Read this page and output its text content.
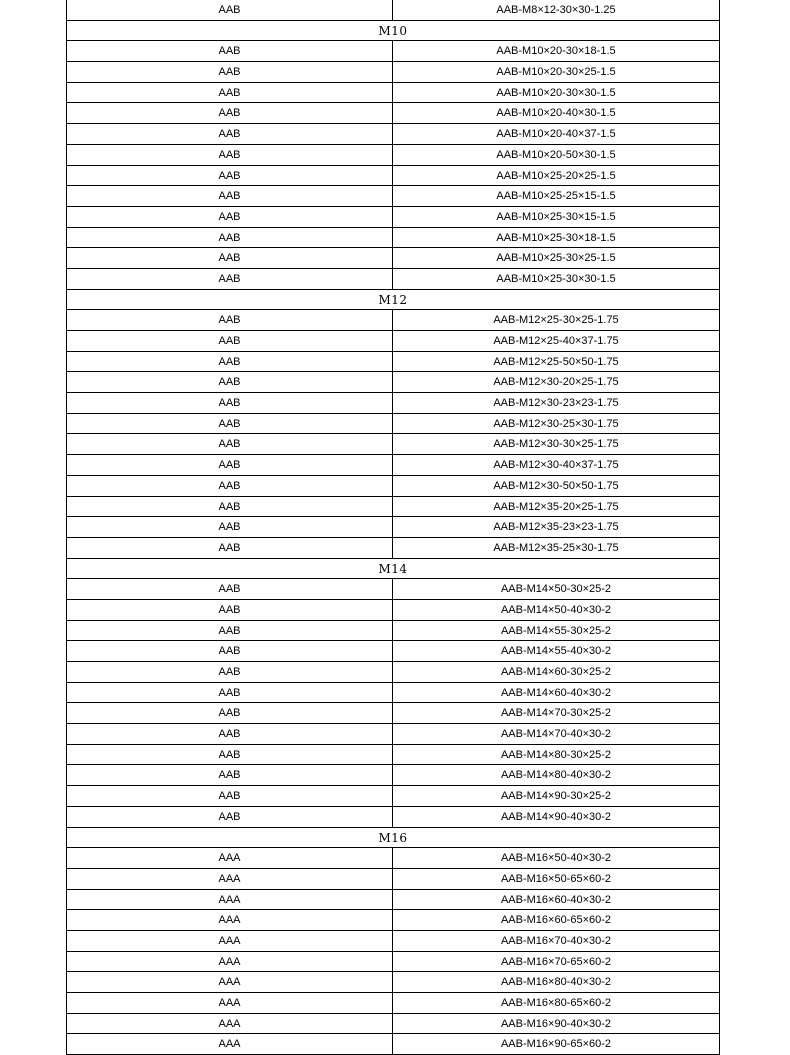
AAB	AAB-M8×12-30×30-1.25
M10
AAB	AAB-M10×20-30×18-1.5
AAB	AAB-M10×20-30×25-1.5
AAB	AAB-M10×20-30×30-1.5
AAB	AAB-M10×20-40×30-1.5
AAB	AAB-M10×20-40×37-1.5
AAB	AAB-M10×20-50×30-1.5
AAB	AAB-M10×25-20×25-1.5
AAB	AAB-M10×25-25×15-1.5
AAB	AAB-M10×25-30×15-1.5
AAB	AAB-M10×25-30×18-1.5
AAB	AAB-M10×25-30×25-1.5
AAB	AAB-M10×25-30×30-1.5
M12
AAB	AAB-M12×25-30×25-1.75
AAB	AAB-M12×25-40×37-1.75
AAB	AAB-M12×25-50×50-1.75
AAB	AAB-M12×30-20×25-1.75
AAB	AAB-M12×30-23×23-1.75
AAB	AAB-M12×30-25×30-1.75
AAB	AAB-M12×30-30×25-1.75
AAB	AAB-M12×30-40×37-1.75
AAB	AAB-M12×30-50×50-1.75
AAB	AAB-M12×35-20×25-1.75
AAB	AAB-M12×35-23×23-1.75
AAB	AAB-M12×35-25×30-1.75
M14
AAB	AAB-M14×50-30×25-2
AAB	AAB-M14×50-40×30-2
AAB	AAB-M14×55-30×25-2
AAB	AAB-M14×55-40×30-2
AAB	AAB-M14×60-30×25-2
AAB	AAB-M14×60-40×30-2
AAB	AAB-M14×70-30×25-2
AAB	AAB-M14×70-40×30-2
AAB	AAB-M14×80-30×25-2
AAB	AAB-M14×80-40×30-2
AAB	AAB-M14×90-30×25-2
AAB	AAB-M14×90-40×30-2
M16
AAA	AAB-M16×50-40×30-2
AAA	AAB-M16×50-65×60-2
AAA	AAB-M16×60-40×30-2
AAA	AAB-M16×60-65×60-2
AAA	AAB-M16×70-40×30-2
AAA	AAB-M16×70-65×60-2
AAA	AAB-M16×80-40×30-2
AAA	AAB-M16×80-65×60-2
AAA	AAB-M16×90-40×30-2
AAA	AAB-M16×90-65×60-2
